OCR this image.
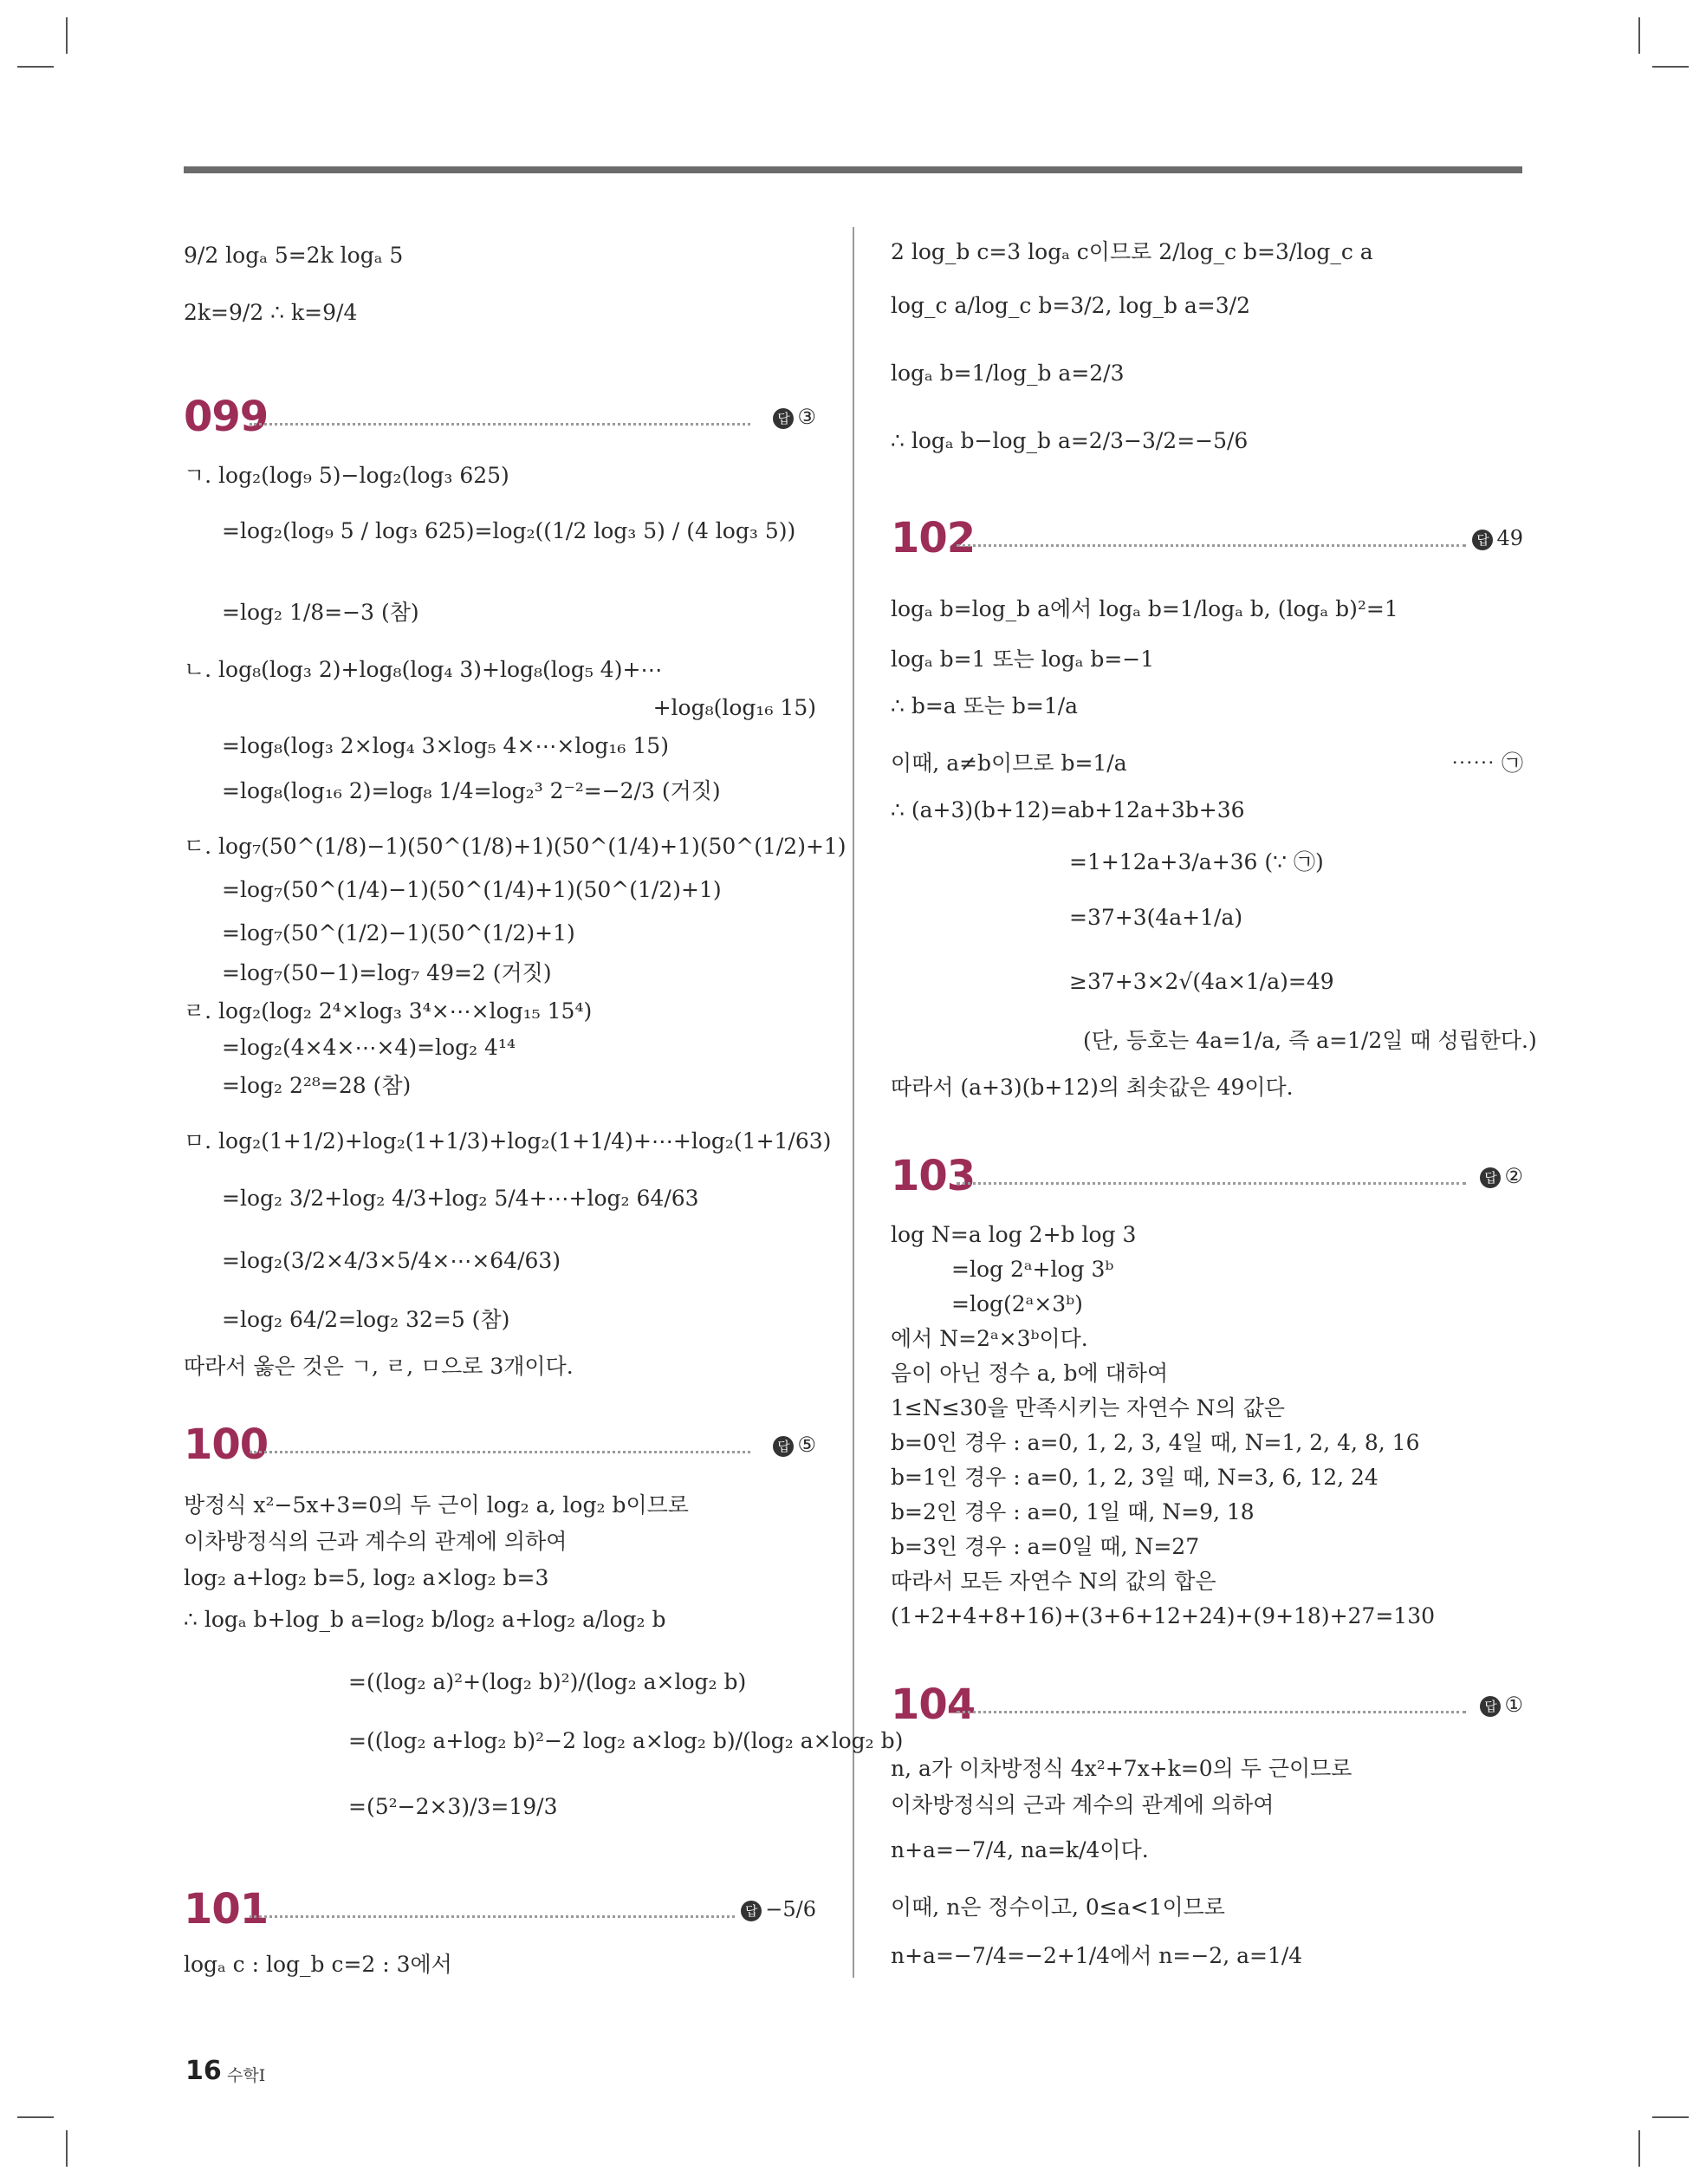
9/2 logₐ 5=2k logₐ 5
2k=9/2 ∴ k=9/4
099	답 ③
ㄱ. log₂(log₉ 5)−log₂(log₃ 625)
=log₂(log₉ 5 / log₃ 625)=log₂((1/2 log₃ 5) / (4 log₃ 5))
=log₂ 1/8=−3 (참)
ㄴ. log₈(log₃ 2)+log₈(log₄ 3)+log₈(log₅ 4)+⋯
+log₈(log₁₆ 15)
=log₈(log₃ 2×log₄ 3×log₅ 4×⋯×log₁₆ 15)
=log₈(log₁₆ 2)=log₈ 1/4=log₂³ 2⁻²=−2/3 (거짓)
ㄷ. log₇(50^(1/8)−1)(50^(1/8)+1)(50^(1/4)+1)(50^(1/2)+1)
=log₇(50^(1/4)−1)(50^(1/4)+1)(50^(1/2)+1)
=log₇(50^(1/2)−1)(50^(1/2)+1)
=log₇(50−1)=log₇ 49=2 (거짓)
ㄹ. log₂(log₂ 2⁴×log₃ 3⁴×⋯×log₁₅ 15⁴)
=log₂(4×4×⋯×4)=log₂ 4¹⁴
=log₂ 2²⁸=28 (참)
ㅁ. log₂(1+1/2)+log₂(1+1/3)+log₂(1+1/4)+⋯+log₂(1+1/63)
=log₂ 3/2+log₂ 4/3+log₂ 5/4+⋯+log₂ 64/63
=log₂(3/2×4/3×5/4×⋯×64/63)
=log₂ 64/2=log₂ 32=5 (참)
따라서 옳은 것은 ㄱ, ㄹ, ㅁ으로 3개이다.
100	답 ⑤
방정식 x²−5x+3=0의 두 근이 log₂ a, log₂ b이므로
이차방정식의 근과 계수의 관계에 의하여
log₂ a+log₂ b=5, log₂ a×log₂ b=3
∴ logₐ b+log_b a=log₂ b/log₂ a+log₂ a/log₂ b
=((log₂ a)²+(log₂ b)²)/(log₂ a×log₂ b)
=((log₂ a+log₂ b)²−2 log₂ a×log₂ b)/(log₂ a×log₂ b)
=(5²−2×3)/3=19/3
101	답 −5/6
logₐ c : log_b c=2 : 3에서
2 log_b c=3 logₐ c이므로 2/log_c b=3/log_c a
log_c a/log_c b=3/2, log_b a=3/2
logₐ b=1/log_b a=2/3
∴ logₐ b−log_b a=2/3−3/2=−5/6
102	답 49
logₐ b=log_b a에서 logₐ b=1/logₐ b, (logₐ b)²=1
logₐ b=1 또는 logₐ b=−1
∴ b=a 또는 b=1/a
이때, a≠b이므로 b=1/a	⋯⋯ ㉠
∴ (a+3)(b+12)=ab+12a+3b+36
=1+12a+3/a+36 (∵ ㉠)
=37+3(4a+1/a)
≥37+3×2√(4a×1/a)=49
(단, 등호는 4a=1/a, 즉 a=1/2일 때 성립한다.)
따라서 (a+3)(b+12)의 최솟값은 49이다.
103	답 ②
log N=a log 2+b log 3
=log 2ᵃ+log 3ᵇ
=log(2ᵃ×3ᵇ)
에서 N=2ᵃ×3ᵇ이다.
음이 아닌 정수 a, b에 대하여
1≤N≤30을 만족시키는 자연수 N의 값은
b=0인 경우 : a=0, 1, 2, 3, 4일 때, N=1, 2, 4, 8, 16
b=1인 경우 : a=0, 1, 2, 3일 때, N=3, 6, 12, 24
b=2인 경우 : a=0, 1일 때, N=9, 18
b=3인 경우 : a=0일 때, N=27
따라서 모든 자연수 N의 값의 합은
(1+2+4+8+16)+(3+6+12+24)+(9+18)+27=130
104	답 ①
n, a가 이차방정식 4x²+7x+k=0의 두 근이므로
이차방정식의 근과 계수의 관계에 의하여
n+a=−7/4, na=k/4이다.
이때, n은 정수이고, 0≤a<1이므로
n+a=−7/4=−2+1/4에서 n=−2, a=1/4
16 수학Ⅰ
